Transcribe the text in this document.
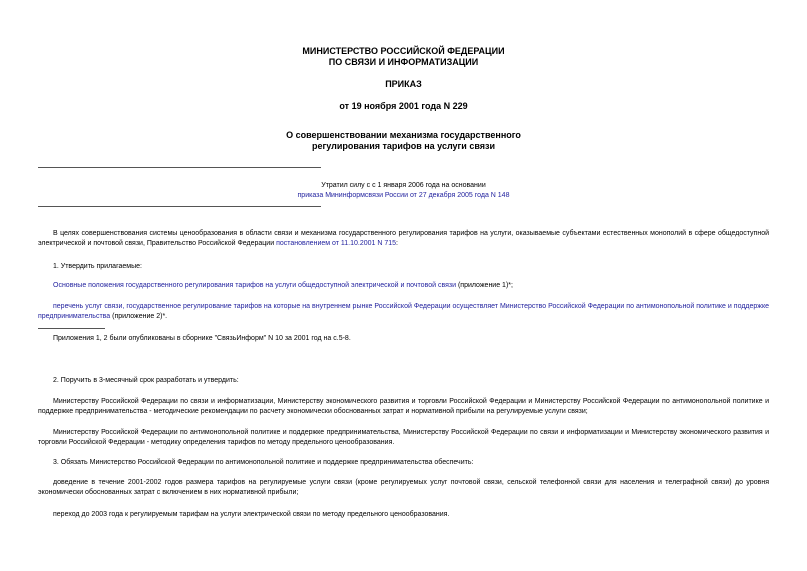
МИНИСТЕРСТВО РОССИЙСКОЙ ФЕДЕРАЦИИ
ПО СВЯЗИ И ИНФОРМАТИЗАЦИИ
ПРИКАЗ
от 19 ноября 2001 года N 229
О совершенствовании механизма государственного
регулирования тарифов на услуги связи
Утратил силу с с 1 января 2006 года на основании
приказа Мининформсвязи России от 27 декабря 2005 года N 148
В целях совершенствования системы ценообразования в области связи и механизма государственного регулирования тарифов на услуги, оказываемые субъектами естественных монополий в сфере общедоступной электрической и почтовой связи, Правительство Российской Федерации постановлением от 11.10.2001 N 715:
1. Утвердить прилагаемые:
Основные положения государственного регулирования тарифов на услуги общедоступной электрической и почтовой связи (приложение 1)*;
перечень услуг связи, государственное регулирование тарифов на которые на внутреннем рынке Российской Федерации осуществляет Министерство Российской Федерации по антимонопольной политике и поддержке предпринимательства (приложение 2)*.
Приложения 1, 2 были опубликованы в сборнике "СвязьИнформ" N 10 за 2001 год на с.5-8.
2. Поручить в 3-месячный срок разработать и утвердить:
Министерству Российской Федерации по связи и информатизации, Министерству экономического развития и торговли Российской Федерации и Министерству Российской Федерации по антимонопольной политике и поддержке предпринимательства - методические рекомендации по расчету экономически обоснованных затрат и нормативной прибыли на регулируемые услуги связи;
Министерству Российской Федерации по антимонопольной политике и поддержке предпринимательства, Министерству Российской Федерации по связи и информатизации и Министерству экономического развития и торговли Российской Федерации - методику определения тарифов по методу предельного ценообразования.
3. Обязать Министерство Российской Федерации по антимонопольной политике и поддержке предпринимательства обеспечить:
доведение в течение 2001-2002 годов размера тарифов на регулируемые услуги связи (кроме регулируемых услуг почтовой связи, сельской телефонной связи для населения и телеграфной связи) до уровня экономически обоснованных затрат с включением в них нормативной прибыли;
переход до 2003 года к регулируемым тарифам на услуги электрической связи по методу предельного ценообразования.
